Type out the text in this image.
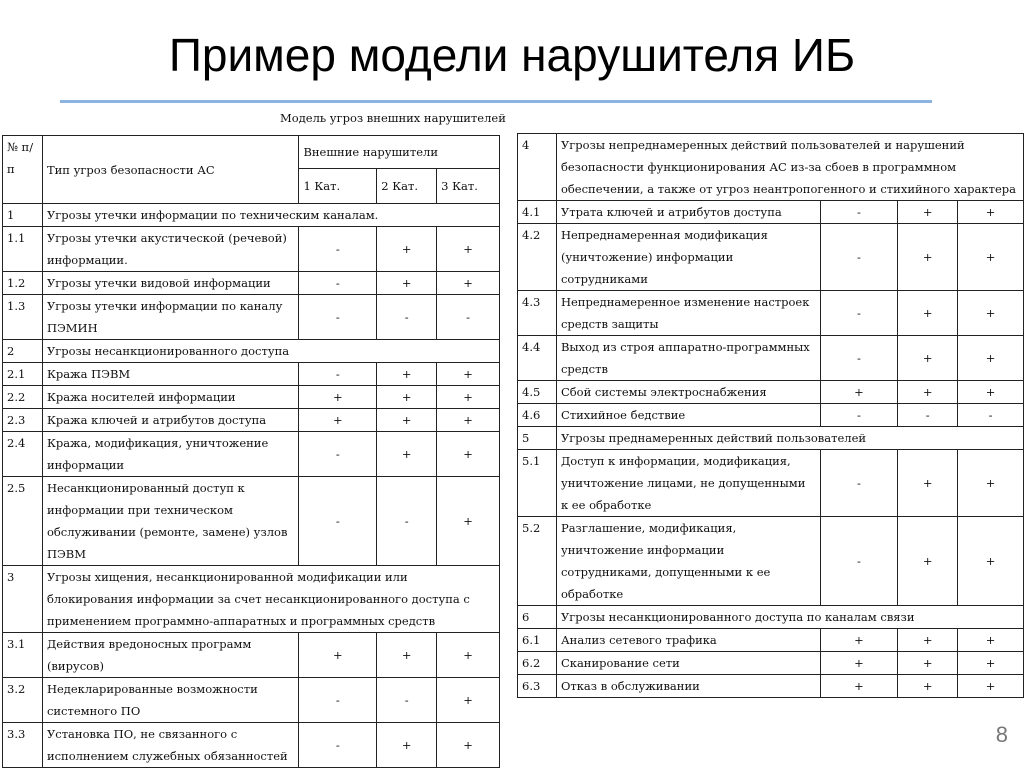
Пример модели нарушителя ИБ
Модель угроз внешних нарушителей
№ п/п	Тип угроз безопасности АС	Внешние нарушители		
		1 Кат.	2 Кат.	3 Кат.
1	Угрозы утечки информации по техническим каналам.			
1.1	Угрозы утечки акустической (речевой) информации.	-	+	+
1.2	Угрозы утечки видовой информации	-	+	+
1.3	Угрозы утечки информации по каналу ПЭМИН	-	-	-
2	Угрозы несанкционированного доступа			
2.1	Кража ПЭВМ	-	+	+
2.2	Кража носителей информации	+	+	+
2.3	Кража ключей и атрибутов доступа	+	+	+
2.4	Кража, модификация, уничтожение информации	-	+	+
2.5	Несанкционированный доступ к информации при техническом обслуживании (ремонте, замене) узлов ПЭВМ	-	-	+
3	Угрозы хищения, несанкционированной модификации или блокирования информации за счет несанкционированного доступа с применением программно-аппаратных и программных средств			
3.1	Действия вредоносных программ (вирусов)	+	+	+
3.2	Недекларированные возможности системного ПО	-	-	+
3.3	Установка ПО, не связанного с исполнением служебных обязанностей	-	+	+
4	Угрозы непреднамеренных действий пользователей и нарушений безопасности функционирования АС из-за сбоев в программном обеспечении, а также от угроз неантропогенного и стихийного характера			
4.1	Утрата ключей и атрибутов доступа	-	+	+
4.2	Непреднамеренная модификация (уничтожение) информации сотрудниками	-	+	+
4.3	Непреднамеренное изменение настроек средств защиты	-	+	+
4.4	Выход из строя аппаратно-программных средств	-	+	+
4.5	Сбой системы электроснабжения	+	+	+
4.6	Стихийное бедствие	-	-	-
5	Угрозы преднамеренных действий пользователей			
5.1	Доступ к информации, модификация, уничтожение лицами, не допущенными к ее обработке	-	+	+
5.2	Разглашение, модификация, уничтожение информации сотрудниками, допущенными к ее обработке	-	+	+
6	Угрозы несанкционированного доступа по каналам связи			
6.1	Анализ сетевого трафика	+	+	+
6.2	Сканирование сети	+	+	+
6.3	Отказ в обслуживании	+	+	+
8
